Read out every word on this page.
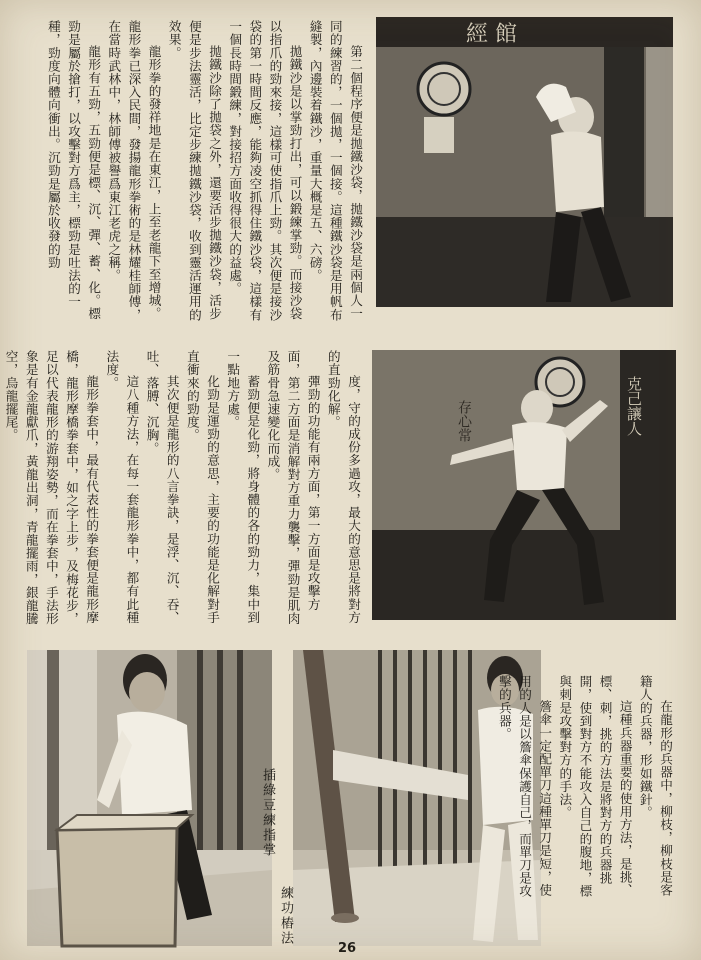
第二個程序便是拋鐵沙袋，拋鐵沙袋是兩個人一同的練習的，一個拋，一個接。這種鐵沙袋是用帆布縫製，內邊裝着鐵沙，重量大概是五、六磅。

拋鐵沙是以掌勁打出，可以鍛練掌勁。而接沙袋以指爪的勁來接，這樣可使指爪上勁。其次便是接沙袋的第一時間反應，能夠凌空抓得住鐵沙袋，這樣有一個長時間鍛練，對接招方面收得很大的益處。

拋鐵沙除了拋袋之外，還要活步拋鐵沙袋，活步便是步法靈活，比定步練拋鐵沙袋，收到靈活運用的效果。

龍形拳的發祥地是在東江，上至老龍下至增城。龍形拳已深入民間，發揚龍形拳術的是林耀桂師傅，在當時武林中，林師傅被譽爲東江老虎之稱。

龍形有五勁，五勁便是標、沉、彈、蓄、化。標勁是屬於搶打，以攻擊對方爲主，標勁是吐法的一種，勁度向體向衝出。沉勁是屬於收發的勁	經 館

度，守的成份多過攻，最大的意思是將對方的直勁化解。

彈勁的功能有兩方面，第一方面是攻擊方面，第二方面是消解對方重力襲擊，彈勁是肌肉及筋骨急速變化而成。

蓄勁便是化勁，將身體的各的勁力，集中到一點地方處。

化勁是運勁的意思，主要的功能是化解對手直衝來的勁度。

其次便是龍形的八言拳訣，是浮、沉、吞、吐、落膊、沉胸。

這八種方法，在每一套龍形拳中，都有此種法度。

龍形拳套中，最有代表性的拳套便是龍形摩橋，龍形摩橋拳套中，如之字上步，及梅花步，足以代表龍形的游翔姿勢，而在拳套中，手法形象是有金龍獻爪，黃龍出洞，青龍擺雨，銀龍騰空，烏龍擺尾。	克己讓人
存心常
插綠豆練指掌
練功樁法

在龍形的兵器中，柳枝，柳枝是客籍人的兵器，形如鐵針。

這種兵器重要的使用方法，是挑、標、刺，挑的方法是將對方的兵器挑開，使到對方不能攻入自己的腹地，標與刺是攻擊對方的手法。

簷傘一定配單刀這種單刀是短，使用的人是以簷傘保護自己，而單刀是攻擊的兵器。

26
